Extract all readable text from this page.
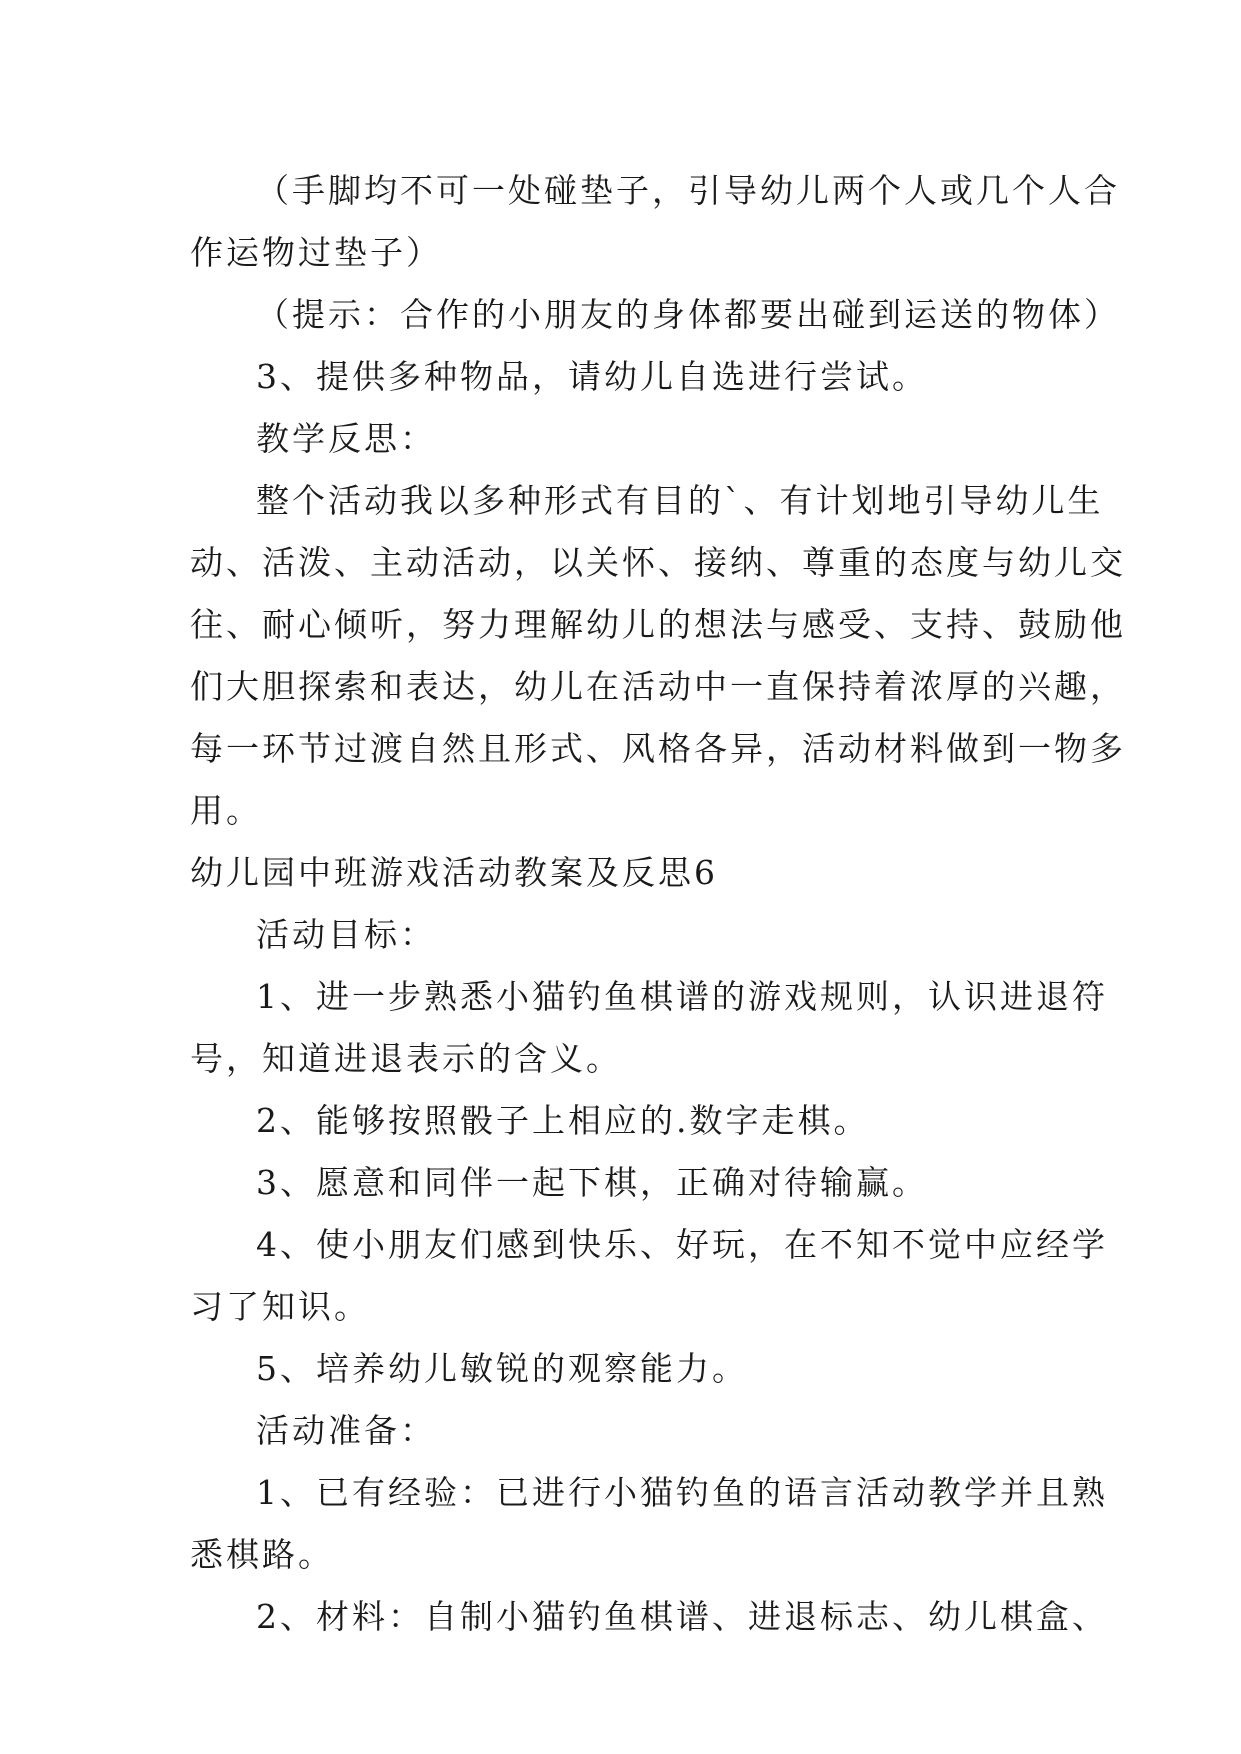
（手脚均不可一处碰垫子，引导幼儿两个人或几个人合
作运物过垫子）
（提示：合作的小朋友的身体都要出碰到运送的物体）
3、提供多种物品，请幼儿自选进行尝试。
教学反思：
整个活动我以多种形式有目的`、有计划地引导幼儿生
动、活泼、主动活动，以关怀、接纳、尊重的态度与幼儿交
往、耐心倾听，努力理解幼儿的想法与感受、支持、鼓励他
们大胆探索和表达，幼儿在活动中一直保持着浓厚的兴趣，
每一环节过渡自然且形式、风格各异，活动材料做到一物多
用。
幼儿园中班游戏活动教案及反思6
活动目标：
1、进一步熟悉小猫钓鱼棋谱的游戏规则，认识进退符
号，知道进退表示的含义。
2、能够按照骰子上相应的.数字走棋。
3、愿意和同伴一起下棋，正确对待输赢。
4、使小朋友们感到快乐、好玩，在不知不觉中应经学
习了知识。
5、培养幼儿敏锐的观察能力。
活动准备：
1、已有经验：已进行小猫钓鱼的语言活动教学并且熟
悉棋路。
2、材料：自制小猫钓鱼棋谱、进退标志、幼儿棋盒、
